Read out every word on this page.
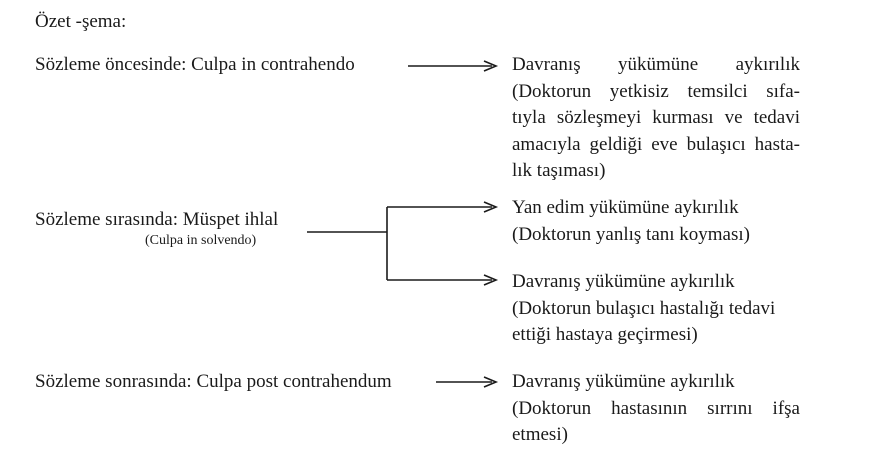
Özet -şema:
Sözleme öncesinde: Culpa in contrahendo	Davranış yükümüne aykırılık
(Doktorun yetkisiz temsilci sıfa-
tıyla sözleşmeyi kurması ve tedavi
amacıyla geldiği eve bulaşıcı hasta-
lık taşıması)
Sözleme sırasında: Müspet ihlal
(Culpa in solvendo)
Yan edim yükümüne aykırılık
(Doktorun yanlış tanı koyması)
Davranış yükümüne aykırılık
(Doktorun bulaşıcı hastalığı tedavi
ettiği hastaya geçirmesi)
Sözleme sonrasında: Culpa post contrahendum	Davranış yükümüne aykırılık
(Doktorun hastasının sırrını ifşa
etmesi)
